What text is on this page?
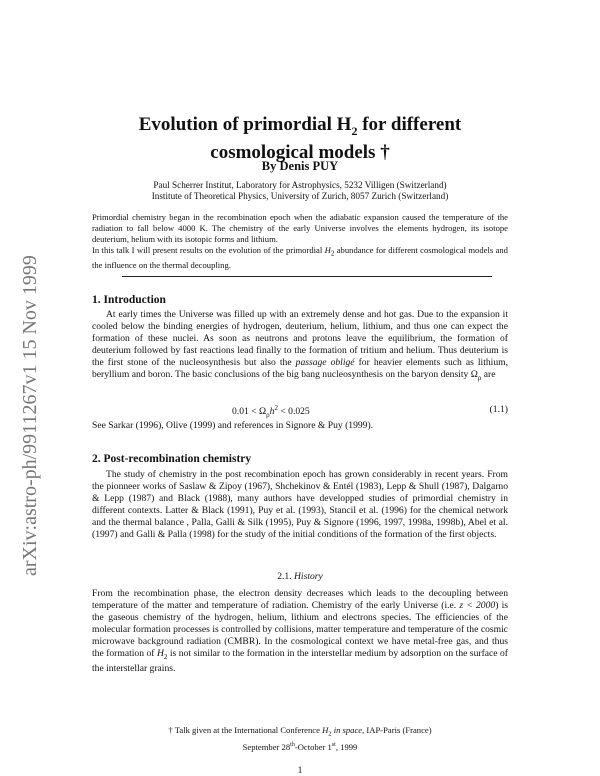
arXiv:astro-ph/9911267v1 15 Nov 1999
Evolution of primordial $H_2$ for different
cosmological models †
By Denis PUY
Paul Scherrer Institut, Laboratory for Astrophysics, 5232 Villigen (Switzerland)
Institute of Theoretical Physics, University of Zurich, 8057 Zurich (Switzerland)

Primordial chemistry began in the recombination epoch when the adiabatic expansion caused the temperature of the radiation to fall below 4000 K. The chemistry of the early Universe involves the elements hydrogen, its isotope deuterium, helium with its isotopic forms and lithium.

In this talk I will present results on the evolution of the primordial $H_2$ abundance for different cosmological models and the influence on the thermal decoupling.

1. Introduction

At early times the Universe was filled up with an extremely dense and hot gas. Due to the expansion it cooled below the binding energies of hydrogen, deuterium, helium, lithium, and thus one can expect the formation of these nuclei. As soon as neutrons and protons leave the equilibrium, the formation of deuterium followed by fast reactions lead finally to the formation of tritium and helium. Thus deuterium is the first stone of the nucleosynthesis but also the passage obligé for heavier elements such as lithium, beryllium and boron. The basic conclusions of the big bang nucleosynthesis on the baryon density $\Omega_\rho$ are

$0.01 < \Omega_\rho h^2 < 0.025$	(1.1)

See Sarkar (1996), Olive (1999) and references in Signore & Puy (1999).

2. Post-recombination chemistry

The study of chemistry in the post recombination epoch has grown considerably in recent years. From the pionneer works of Saslaw & Zipoy (1967), Shchekinov & Entél (1983), Lepp & Shull (1987), Dalgarno & Lepp (1987) and Black (1988), many authors have developped studies of primordial chemistry in different contexts. Latter & Black (1991), Puy et al. (1993), Stancil et al. (1996) for the chemical network and the thermal balance , Palla, Galli & Silk (1995), Puy & Signore (1996, 1997, 1998a, 1998b), Abel et al. (1997) and Galli & Palla (1998) for the study of the initial conditions of the formation of the first objects.

2.1. History

From the recombination phase, the electron density decreases which leads to the decoupling between temperature of the matter and temperature of radiation. Chemistry of the early Universe (i.e. z < 2000) is the gaseous chemistry of the hydrogen, helium, lithium and electrons species. The efficiencies of the molecular formation processes is controlled by collisions, matter temperature and temperature of the cosmic microwave background radiation (CMBR). In the cosmological context we have metal-free gas, and thus the formation of $H_2$ is not similar to the formation in the interstellar medium by adsorption on the surface of the interstellar grains.

† Talk given at the International Conference $H_2$ in space, IAP-Paris (France)
September 28th-October 1st, 1999
1
